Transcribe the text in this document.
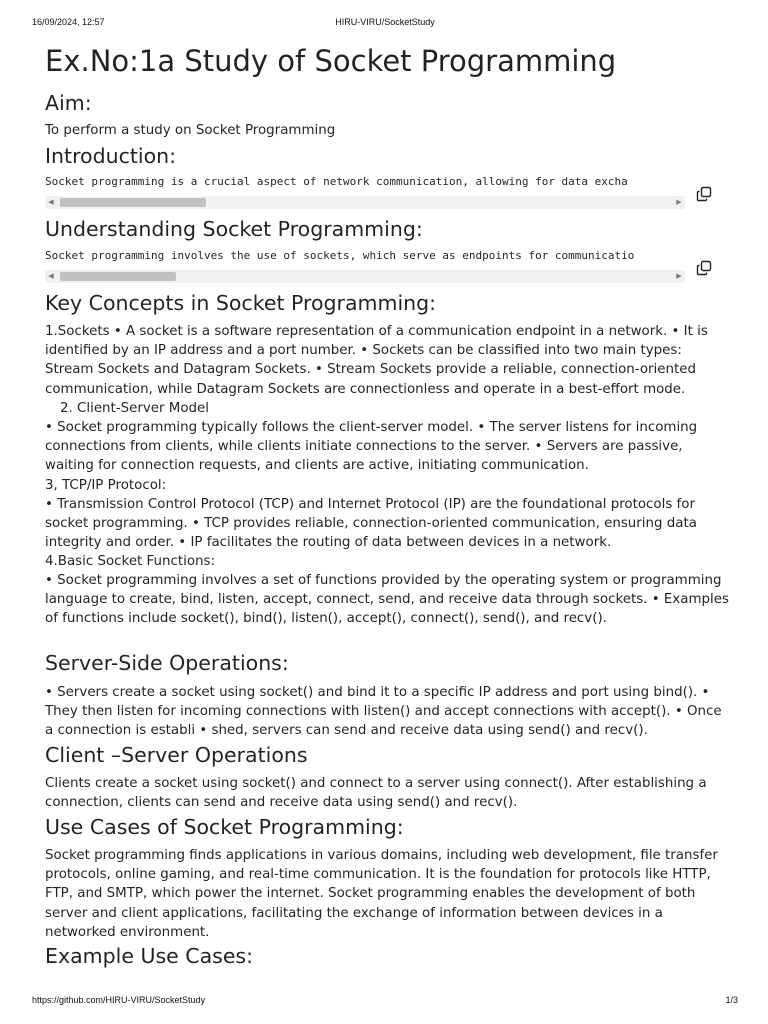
16/09/2024, 12:57	HIRU-VIRU/SocketStudy
Ex.No:1a Study of Socket Programming
Aim:

To perform a study on Socket Programming

Introduction:
Socket programming is a crucial aspect of network communication, allowing for data excha
◀	▶
Understanding Socket Programming:
Socket programming involves the use of sockets, which serve as endpoints for communicatio
◀	▶
Key Concepts in Socket Programming:

1.Sockets • A socket is a software representation of a communication endpoint in a network. • It is identified by an IP address and a port number. • Sockets can be classified into two main types: Stream Sockets and Datagram Sockets. • Stream Sockets provide a reliable, connection-oriented communication, while Datagram Sockets are connectionless and operate in a best-effort mode.

2. Client-Server Model

• Socket programming typically follows the client-server model. • The server listens for incoming connections from clients, while clients initiate connections to the server. • Servers are passive, waiting for connection requests, and clients are active, initiating communication.

3, TCP/IP Protocol:

• Transmission Control Protocol (TCP) and Internet Protocol (IP) are the foundational protocols for socket programming. • TCP provides reliable, connection-oriented communication, ensuring data integrity and order. • IP facilitates the routing of data between devices in a network.

4.Basic Socket Functions:

• Socket programming involves a set of functions provided by the operating system or programming language to create, bind, listen, accept, connect, send, and receive data through sockets. • Examples of functions include socket(), bind(), listen(), accept(), connect(), send(), and recv().

Server-Side Operations:

• Servers create a socket using socket() and bind it to a specific IP address and port using bind(). • They then listen for incoming connections with listen() and accept connections with accept(). • Once a connection is establi • shed, servers can send and receive data using send() and recv().

Client –Server Operations

Clients create a socket using socket() and connect to a server using connect(). After establishing a connection, clients can send and receive data using send() and recv().

Use Cases of Socket Programming:

Socket programming finds applications in various domains, including web development, file transfer protocols, online gaming, and real-time communication. It is the foundation for protocols like HTTP, FTP, and SMTP, which power the internet. Socket programming enables the development of both server and client applications, facilitating the exchange of information between devices in a networked environment.

Example Use Cases:
https://github.com/HIRU-VIRU/SocketStudy	1/3
